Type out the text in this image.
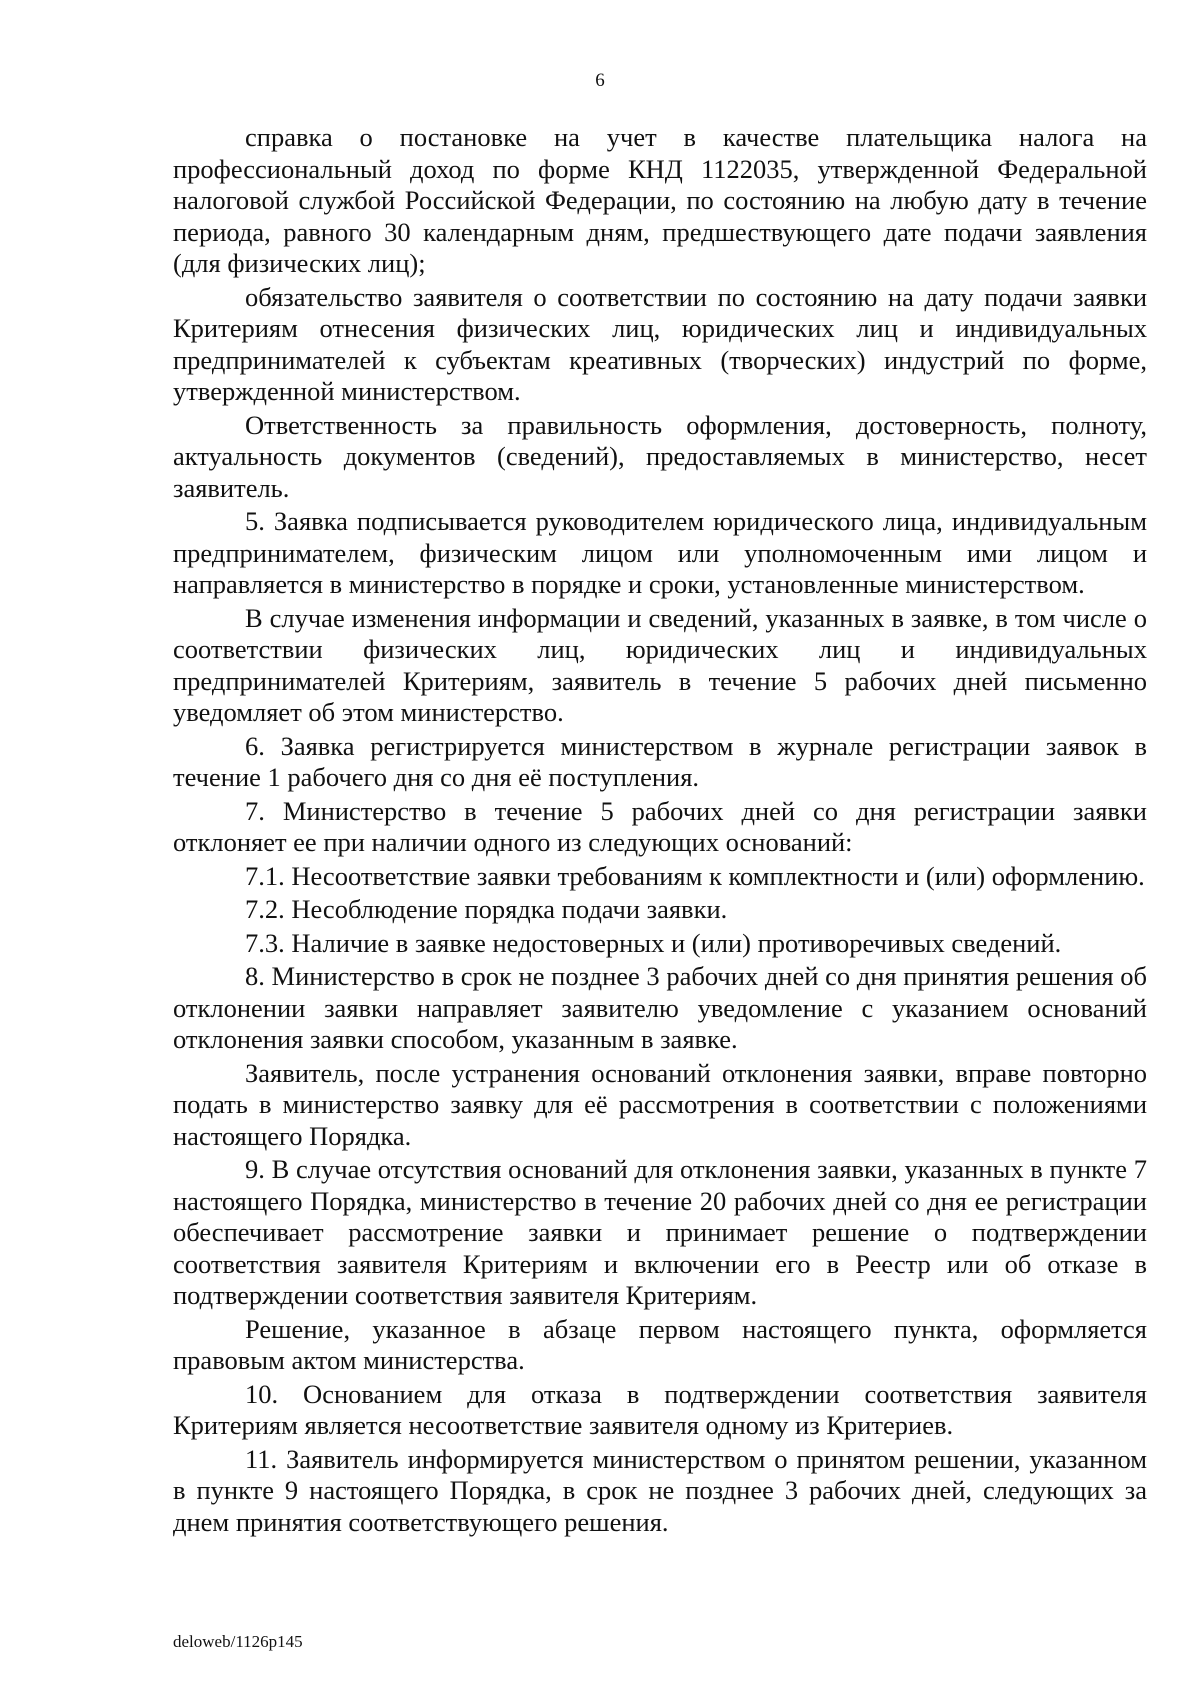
6

справка о постановке на учет в качестве плательщика налога на профессиональный доход по форме КНД 1122035, утвержденной Федеральной налоговой службой Российской Федерации, по состоянию на любую дату в течение периода, равного 30 календарным дням, предшествующего дате подачи заявления (для физических лиц);

обязательство заявителя о соответствии по состоянию на дату подачи заявки Критериям отнесения физических лиц, юридических лиц и индивидуальных предпринимателей к субъектам креативных (творческих) индустрий по форме, утвержденной министерством.

Ответственность за правильность оформления, достоверность, полноту, актуальность документов (сведений), предоставляемых в министерство, несет заявитель.

5. Заявка подписывается руководителем юридического лица, индивидуальным предпринимателем, физическим лицом или уполномоченным ими лицом и направляется в министерство в порядке и сроки, установленные министерством.

В случае изменения информации и сведений, указанных в заявке, в том числе о соответствии физических лиц, юридических лиц и индивидуальных предпринимателей Критериям, заявитель в течение 5 рабочих дней письменно уведомляет об этом министерство.

6. Заявка регистрируется министерством в журнале регистрации заявок в течение 1 рабочего дня со дня её поступления.

7. Министерство в течение 5 рабочих дней со дня регистрации заявки отклоняет ее при наличии одного из следующих оснований:

7.1. Несоответствие заявки требованиям к комплектности и (или) оформлению.

7.2. Несоблюдение порядка подачи заявки.

7.3. Наличие в заявке недостоверных и (или) противоречивых сведений.

8. Министерство в срок не позднее 3 рабочих дней со дня принятия решения об отклонении заявки направляет заявителю уведомление с указанием оснований отклонения заявки способом, указанным в заявке.

Заявитель, после устранения оснований отклонения заявки, вправе повторно подать в министерство заявку для её рассмотрения в соответствии с положениями настоящего Порядка.

9. В случае отсутствия оснований для отклонения заявки, указанных в пункте 7 настоящего Порядка, министерство в течение 20 рабочих дней со дня ее регистрации обеспечивает рассмотрение заявки и принимает решение о подтверждении соответствия заявителя Критериям и включении его в Реестр или об отказе в подтверждении соответствия заявителя Критериям.

Решение, указанное в абзаце первом настоящего пункта, оформляется правовым актом министерства.

10. Основанием для отказа в подтверждении соответствия заявителя Критериям является несоответствие заявителя одному из Критериев.

11. Заявитель информируется министерством о принятом решении, указанном в пункте 9 настоящего Порядка, в срок не позднее 3 рабочих дней, следующих за днем принятия соответствующего решения.

deloweb/1126p145
